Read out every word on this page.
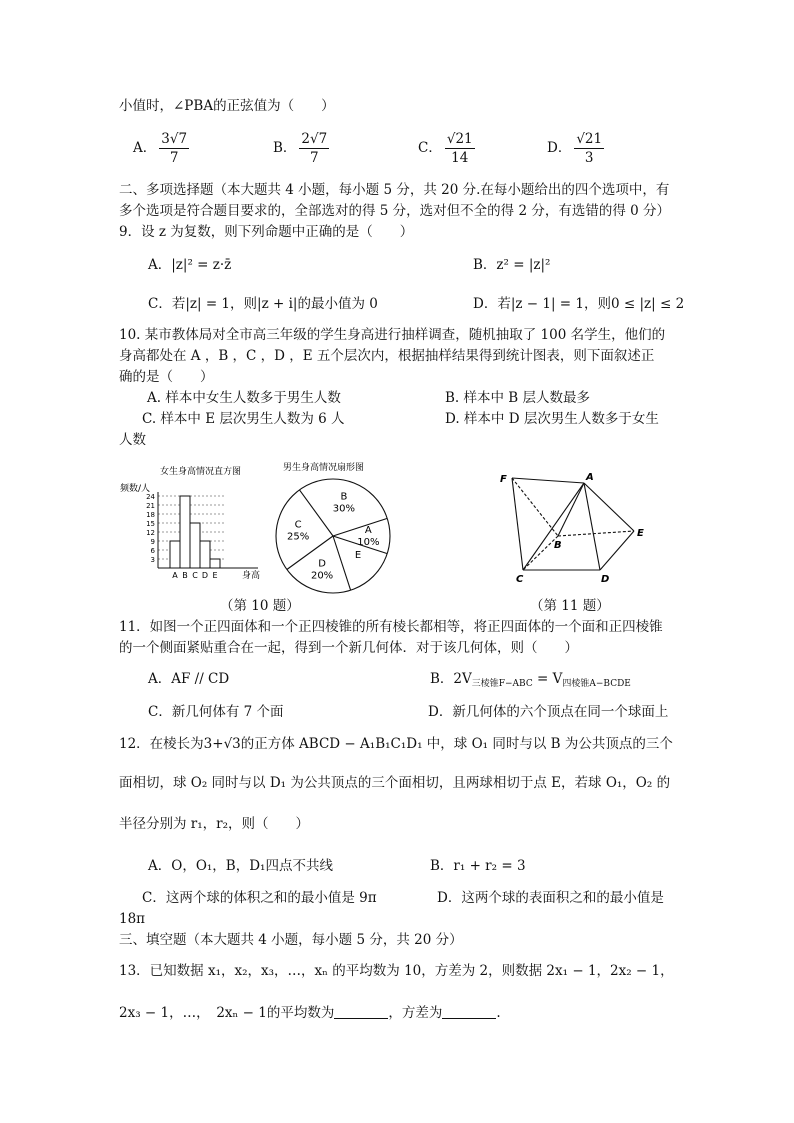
小值时，∠PBA的正弦值为（　　）
A． $\frac{3√7}{7}$	B． $\frac{2√7}{7}$	C． $\frac{√21}{14}$	D． $\frac{√21}{3}$
二、多项选择题（本大题共 4 小题，每小题 5 分，共 20 分.在每小题给出的四个选项中，有
多个选项是符合题目要求的，全部选对的得 5 分，选对但不全的得 2 分，有选错的得 0 分）
9．设 z 为复数，则下列命题中正确的是（　　）
A．|z|² = z·z̄	B．z² = |z|²
C．若|z| = 1，则|z + i|的最小值为 0	D．若|z − 1| = 1，则0 ≤ |z| ≤ 2
10. 某市教体局对全市高三年级的学生身高进行抽样调查，随机抽取了 100 名学生，他们的
身高都处在 A ，B ，C ，D ，E 五个层次内，根据抽样结果得到统计图表，则下面叙述正
确的是（　　）
A. 样本中女生人数多于男生人数	B. 样本中 B 层人数最多
C. 样本中 E 层次男生人数为 6 人	D. 样本中 D 层次男生人数多于女生
人数
女生身高情况直方图
频数/人
3
6
9
12
15
18
21
24
A B C D E	身高
男生身高情况扇形图
B
30%
A
10%
E
D
20%
C
25%
F	A
B
E
C	D
（第 10 题）	（第 11 题）
11．如图一个正四面体和一个正四棱锥的所有棱长都相等，将正四面体的一个面和正四棱锥
的一个侧面紧贴重合在一起，得到一个新几何体．对于该几何体，则（　　）
A．AF // CD	B．$2V_{三棱锥F-ABC} = V_{四棱锥A-BCDE}$
C．新几何体有 7 个面	D．新几何体的六个顶点在同一个球面上
12．在棱长为3+√3的正方体 ABCD − A₁B₁C₁D₁ 中，球 O₁ 同时与以 B 为公共顶点的三个
面相切，球 O₂ 同时与以 D₁ 为公共顶点的三个面相切，且两球相切于点 E，若球 O₁，O₂ 的
半径分别为 r₁，r₂，则（　　）
A．O，O₁，B，D₁四点不共线	B．r₁ + r₂ = 3
C．这两个球的体积之和的最小值是 9π	D．这两个球的表面积之和的最小值是
18π
三、填空题（本大题共 4 小题，每小题 5 分，共 20 分）
13．已知数据 x₁，x₂，x₃，…，xₙ 的平均数为 10，方差为 2，则数据 2x₁ − 1，2x₂ − 1，
2x₃ − 1，…，　2xₙ − 1的平均数为	，方差为	.
